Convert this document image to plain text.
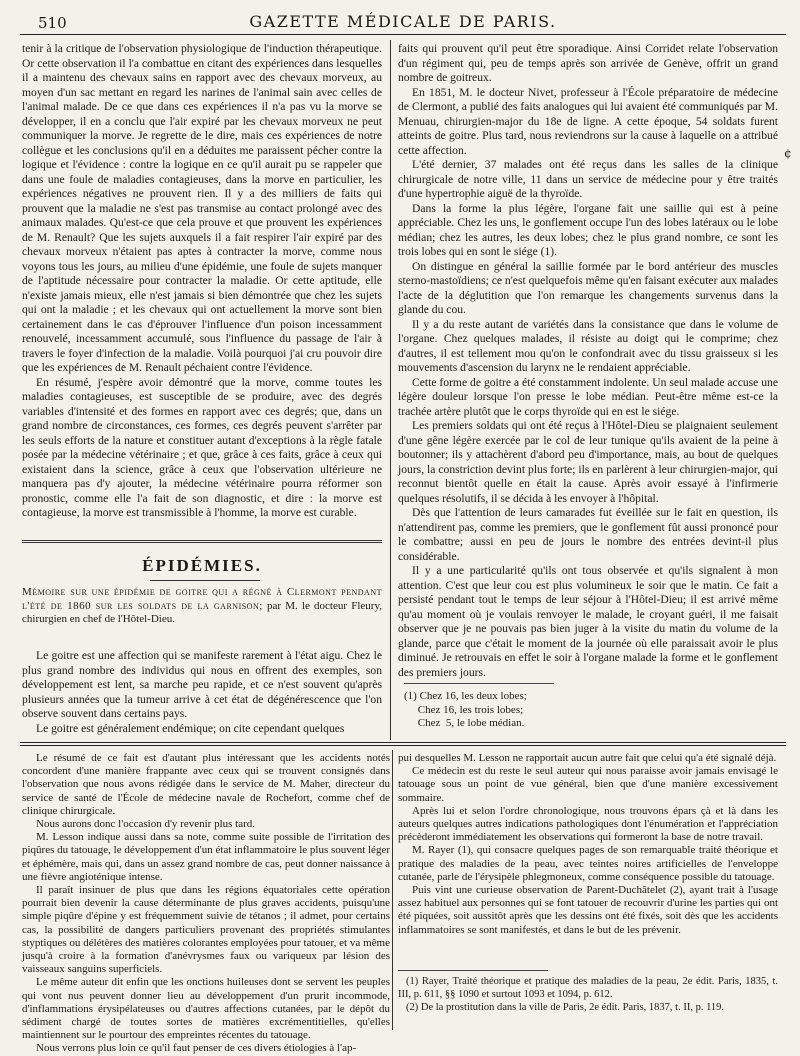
510	GAZETTE MÉDICALE DE PARIS.

tenir à la critique de l'observation physiologique de l'induction thérapeutique. Or cette observation il l'a combattue en citant des expériences dans lesquelles il a maintenu des chevaux sains en rapport avec des chevaux morveux, au moyen d'un sac mettant en regard les narines de l'animal sain avec celles de l'animal malade. De ce que dans ces expériences il n'a pas vu la morve se développer, il en a conclu que l'air expiré par les chevaux morveux ne peut communiquer la morve. Je regrette de le dire, mais ces expériences de notre collègue et les conclusions qu'il en a déduites me paraissent pécher contre la logique et l'évidence : contre la logique en ce qu'il aurait pu se rappeler que dans une foule de maladies contagieuses, dans la morve en particulier, les expériences négatives ne prouvent rien. Il y a des milliers de faits qui prouvent que la maladie ne s'est pas transmise au contact prolongé avec des animaux malades. Qu'est-ce que cela prouve et que prouvent les expériences de M. Renault? Que les sujets auxquels il a fait respirer l'air expiré par des chevaux morveux n'étaient pas aptes à contracter la morve, comme nous voyons tous les jours, au milieu d'une épidémie, une foule de sujets manquer de l'aptitude nécessaire pour contracter la maladie. Or cette aptitude, elle n'existe jamais mieux, elle n'est jamais si bien démontrée que chez les sujets qui ont la maladie ; et les chevaux qui ont actuellement la morve sont bien certainement dans le cas d'éprouver l'influence d'un poison incessamment renouvelé, incessamment accumulé, sous l'influence du passage de l'air à travers le foyer d'infection de la maladie. Voilà pourquoi j'ai cru pouvoir dire que les expériences de M. Renault péchaient contre l'évidence.

En résumé, j'espère avoir démontré que la morve, comme toutes les maladies contagieuses, est susceptible de se produire, avec des degrés variables d'intensité et des formes en rapport avec ces degrés; que, dans un grand nombre de circonstances, ces formes, ces degrés peuvent s'arrêter par les seuls efforts de la nature et constituer autant d'exceptions à la règle fatale posée par la médecine vétérinaire ; et que, grâce à ces faits, grâce à ceux qui existaient dans la science, grâce à ceux que l'observation ultérieure ne manquera pas d'y ajouter, la médecine vétérinaire pourra réformer son pronostic, comme elle l'a fait de son diagnostic, et dire : la morve est contagieuse, la morve est transmissible à l'homme, la morve est curable.

ÉPIDÉMIES.
Mémoire sur une épidémie de goitre qui a régné à Clermont pendant l'été de 1860 sur les soldats de la garnison; par M. le docteur Fleury, chirurgien en chef de l'Hôtel-Dieu.

Le goitre est une affection qui se manifeste rarement à l'état aigu. Chez le plus grand nombre des individus qui nous en offrent des exemples, son développement est lent, sa marche peu rapide, et ce n'est souvent qu'après plusieurs années que la tumeur arrive à cet état de dégénérescence que l'on observe souvent dans certains pays.

Le goitre est généralement endémique; on cite cependant quelques

faits qui prouvent qu'il peut être sporadique. Ainsi Corridet relate l'observation d'un régiment qui, peu de temps après son arrivée de Genève, offrit un grand nombre de goitreux.

En 1851, M. le docteur Nivet, professeur à l'École préparatoire de médecine de Clermont, a publié des faits analogues qui lui avaient été communiqués par M. Menuau, chirurgien-major du 18e de ligne. A cette époque, 54 soldats furent atteints de goitre. Plus tard, nous reviendrons sur la cause à laquelle on a attribué cette affection.

L'été dernier, 37 malades ont été reçus dans les salles de la clinique chirurgicale de notre ville, 11 dans un service de médecine pour y être traités d'une hypertrophie aiguë de la thyroïde.

Dans la forme la plus légère, l'organe fait une saillie qui est à peine appréciable. Chez les uns, le gonflement occupe l'un des lobes latéraux ou le lobe médian; chez les autres, les deux lobes; chez le plus grand nombre, ce sont les trois lobes qui en sont le siége (1).

On distingue en général la saillie formée par le bord antérieur des muscles sterno-mastoïdiens; ce n'est quelquefois même qu'en faisant exécuter aux malades l'acte de la déglutition que l'on remarque les changements survenus dans la glande du cou.

Il y a du reste autant de variétés dans la consistance que dans le volume de l'organe. Chez quelques malades, il résiste au doigt qui le comprime; chez d'autres, il est tellement mou qu'on le confondrait avec du tissu graisseux si les mouvements d'ascension du larynx ne le rendaient appréciable.

Cette forme de goitre a été constamment indolente. Un seul malade accuse une légère douleur lorsque l'on presse le lobe médian. Peut-être même est-ce la trachée artère plutôt que le corps thyroïde qui en est le siége.

Les premiers soldats qui ont été reçus à l'Hôtel-Dieu se plaignaient seulement d'une gêne légère exercée par le col de leur tunique qu'ils avaient de la peine à boutonner; ils y attachèrent d'abord peu d'importance, mais, au bout de quelques jours, la constriction devint plus forte; ils en parlèrent à leur chirurgien-major, qui reconnut bientôt quelle en était la cause. Après avoir essayé à l'infirmerie quelques résolutifs, il se décida à les envoyer à l'hôpital.

Dès que l'attention de leurs camarades fut éveillée sur le fait en question, ils n'attendirent pas, comme les premiers, que le gonflement fût aussi prononcé pour le combattre; aussi en peu de jours le nombre des entrées devint-il plus considérable.

Il y a une particularité qu'ils ont tous observée et qu'ils signalent à mon attention. C'est que leur cou est plus volumineux le soir que le matin. Ce fait a persisté pendant tout le temps de leur séjour à l'Hôtel-Dieu; il est arrivé même qu'au moment où je voulais renvoyer le malade, le croyant guéri, il me faisait observer que je ne pouvais pas bien juger à la visite du matin du volume de la glande, parce que c'était le moment de la journée où elle paraissait avoir le plus diminué. Je retrouvais en effet le soir à l'organe malade la forme et le gonflement des premiers jours.

¢
(1) Chez 16, les deux lobes;
Chez 16, les trois lobes;
Chez  5, le lobe médian.

Le résumé de ce fait est d'autant plus intéressant que les accidents notés concordent d'une manière frappante avec ceux qui se trouvent consignés dans l'observation que nous avons rédigée dans le service de M. Maher, directeur du service de santé de l'École de médecine navale de Rochefort, comme chef de clinique chirurgicale.

Nous aurons donc l'occasion d'y revenir plus tard.

M. Lesson indique aussi dans sa note, comme suite possible de l'irritation des piqûres du tatouage, le développement d'un état inflammatoire le plus souvent léger et éphémère, mais qui, dans un assez grand nombre de cas, peut donner naissance à une fièvre angioténique intense.

Il paraît insinuer de plus que dans les régions équatoriales cette opération pourrait bien devenir la cause déterminante de plus graves accidents, puisqu'une simple piqûre d'épine y est fréquemment suivie de tétanos ; il admet, pour certains cas, la possibilité de dangers particuliers provenant des propriétés stimulantes styptiques ou délétères des matières colorantes employées pour tatouer, et va même jusqu'à croire à la formation d'anévrysmes faux ou variqueux par lésion des vaisseaux sanguins superficiels.

Le même auteur dit enfin que les onctions huileuses dont se servent les peuples qui vont nus peuvent donner lieu au développement d'un prurit incommode, d'inflammations érysipélateuses ou d'autres affections cutanées, par le dépôt du sédiment chargé de toutes sortes de matières excrémentitielles, qu'elles maintiennent sur le pourtour des empreintes récentes du tatouage.

Nous verrons plus loin ce qu'il faut penser de ces divers étiologies à l'ap-

pui desquelles M. Lesson ne rapportait aucun autre fait que celui qu'a été signalé déjà.

Ce médecin est du reste le seul auteur qui nous paraisse avoir jamais envisagé le tatouage sous un point de vue général, bien que d'une manière excessivement sommaire.

Après lui et selon l'ordre chronologique, nous trouvons épars çà et là dans les auteurs quelques autres indications pathologiques dont l'énumération et l'appréciation précèderont immédiatement les observations qui formeront la base de notre travail.

M. Rayer (1), qui consacre quelques pages de son remarquable traité théorique et pratique des maladies de la peau, avec teintes noires artificielles de l'enveloppe cutanée, parle de l'érysipèle phlegmoneux, comme conséquence possible du tatouage.

Puis vint une curieuse observation de Parent-Duchâtelet (2), ayant trait à l'usage assez habituel aux personnes qui se font tatouer de recouvrir d'urine les parties qui ont été piquées, soit aussitôt après que les dessins ont été fixés, soit dès que les accidents inflammatoires se sont manifestés, et dans le but de les prévenir.

(1) Rayer, Traité théorique et pratique des maladies de la peau, 2e édit. Paris, 1835, t. III, p. 611, §§ 1090 et surtout 1093 et 1094, p. 612.

(2) De la prostitution dans la ville de Paris, 2e édit. Paris, 1837, t. II, p. 119.
